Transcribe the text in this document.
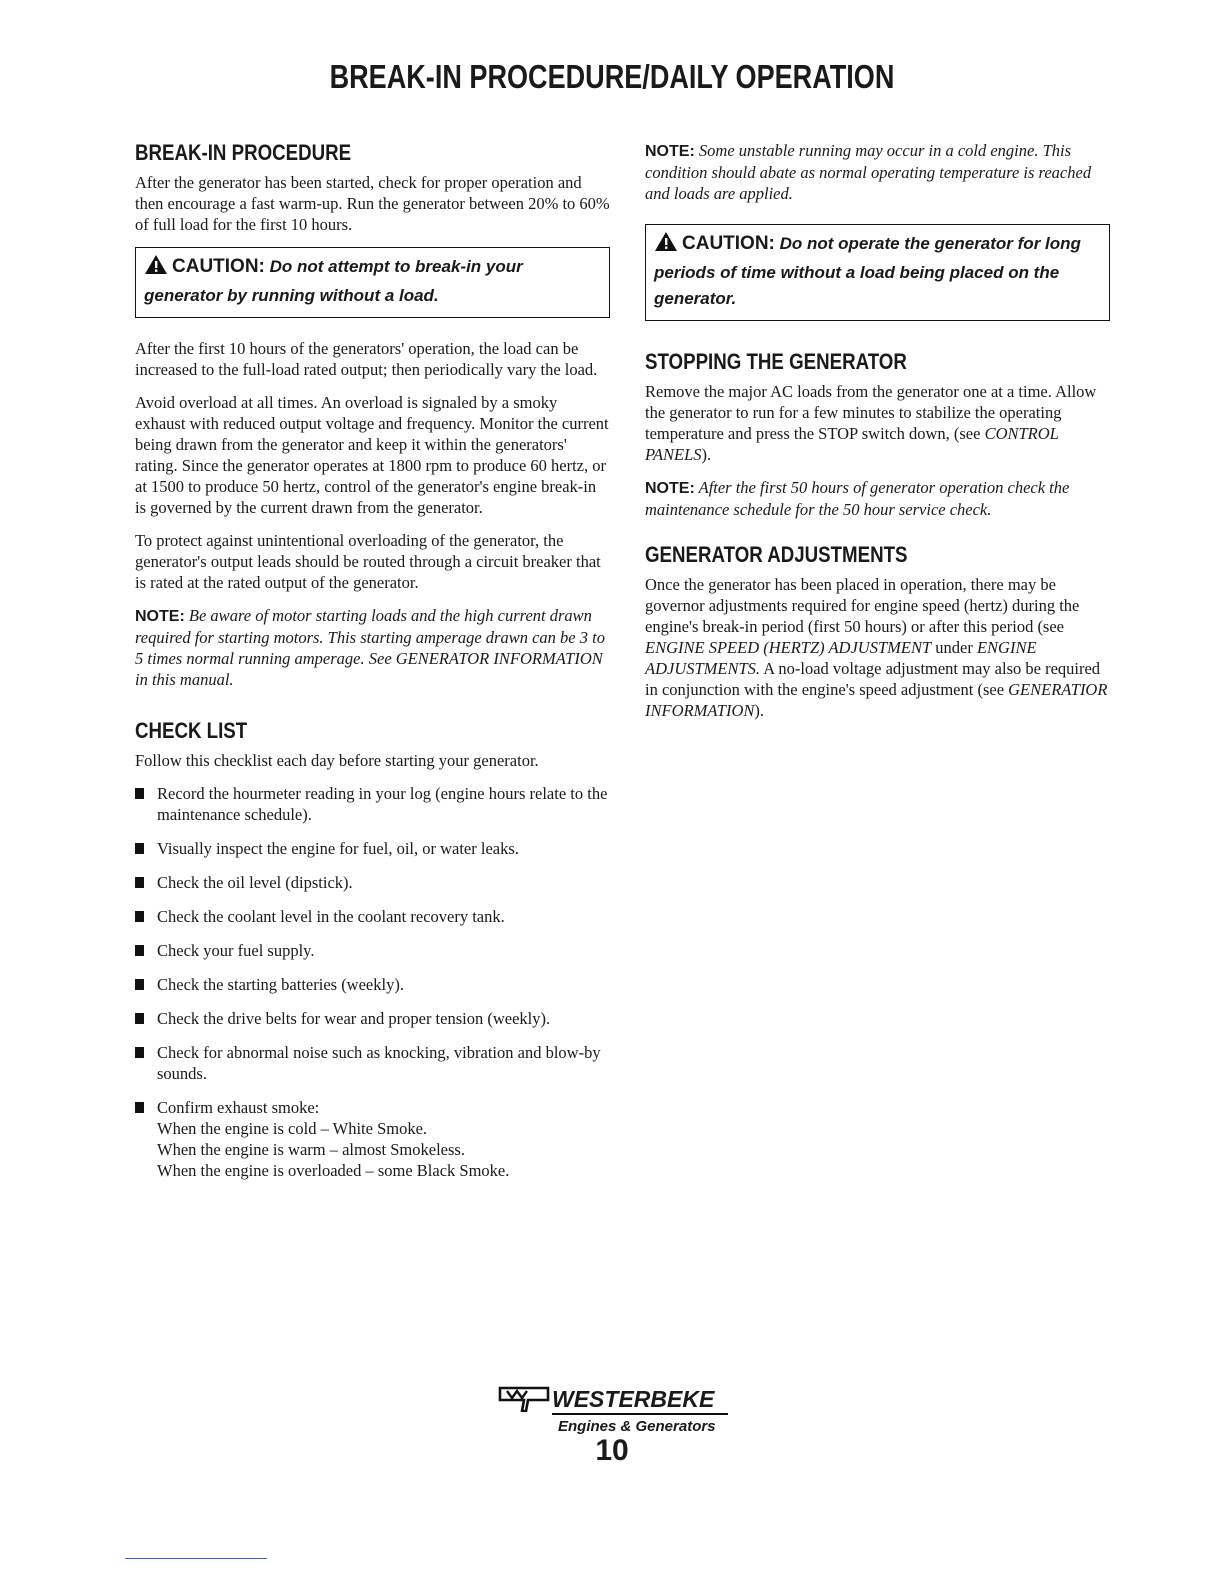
BREAK-IN PROCEDURE/DAILY OPERATION
BREAK-IN PROCEDURE

After the generator has been started, check for proper operation and then encourage a fast warm-up. Run the generator between 20% to 60% of full load for the first 10 hours.

CAUTION: Do not attempt to break-in your generator by running without a load.

After the first 10 hours of the generators' operation, the load can be increased to the full-load rated output; then periodically vary the load.

Avoid overload at all times. An overload is signaled by a smoky exhaust with reduced output voltage and frequency. Monitor the current being drawn from the generator and keep it within the generators' rating. Since the generator operates at 1800 rpm to produce 60 hertz, or at 1500 to produce 50 hertz, control of the generator's engine break-in is governed by the current drawn from the generator.

To protect against unintentional overloading of the generator, the generator's output leads should be routed through a circuit breaker that is rated at the rated output of the generator.

NOTE: Be aware of motor starting loads and the high current drawn required for starting motors. This starting amperage drawn can be 3 to 5 times normal running amperage. See GENERATOR INFORMATION in this manual.

CHECK LIST

Follow this checklist each day before starting your generator.

Record the hourmeter reading in your log (engine hours relate to the maintenance schedule).
Visually inspect the engine for fuel, oil, or water leaks.
Check the oil level (dipstick).
Check the coolant level in the coolant recovery tank.
Check your fuel supply.
Check the starting batteries (weekly).
Check the drive belts for wear and proper tension (weekly).
Check for abnormal noise such as knocking, vibration and blow-by sounds.
Confirm exhaust smoke:
When the engine is cold – White Smoke.
When the engine is warm – almost Smokeless.
When the engine is overloaded – some Black Smoke.

NOTE: Some unstable running may occur in a cold engine. This condition should abate as normal operating temperature is reached and loads are applied.

CAUTION: Do not operate the generator for long periods of time without a load being placed on the generator.
STOPPING THE GENERATOR

Remove the major AC loads from the generator one at a time. Allow the generator to run for a few minutes to stabilize the operating temperature and press the STOP switch down, (see CONTROL PANELS).

NOTE: After the first 50 hours of generator operation check the maintenance schedule for the 50 hour service check.

GENERATOR ADJUSTMENTS

Once the generator has been placed in operation, there may be governor adjustments required for engine speed (hertz) during the engine's break-in period (first 50 hours) or after this period (see ENGINE SPEED (HERTZ) ADJUSTMENT under ENGINE ADJUSTMENTS. A no-load voltage adjustment may also be required in conjunction with the engine's speed adjustment (see GENERATIOR INFORMATION).

WESTERBEKE
Engines & Generators
10
